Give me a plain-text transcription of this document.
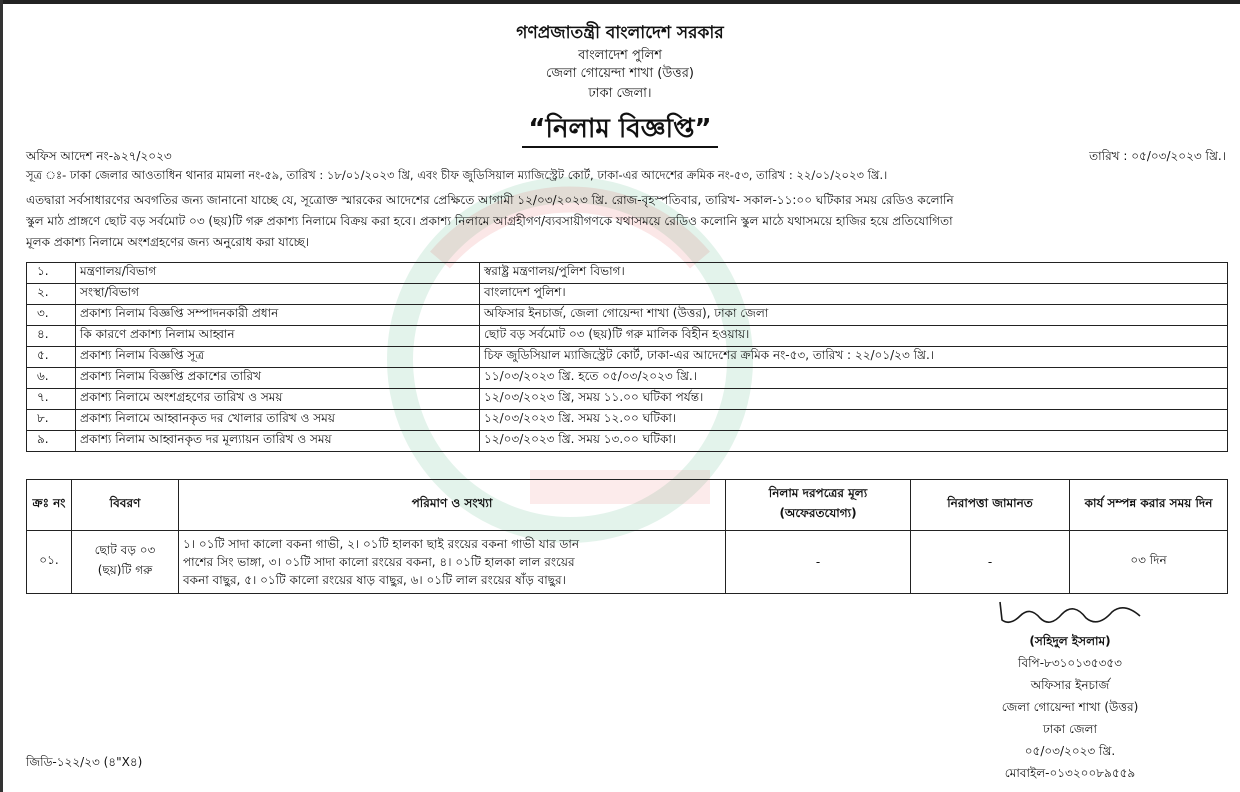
গণপ্রজাতন্ত্রী বাংলাদেশ সরকার
বাংলাদেশ পুলিশ
জেলা গোয়েন্দা শাখা (উত্তর)
ঢাকা জেলা।
“নিলাম বিজ্ঞপ্তি”
অফিস আদেশ নং-৯২৭/২০২৩	তারিখ : ০৫/০৩/২০২৩ খ্রি.।
সূত্র ঃ- ঢাকা জেলার আওতাধিন থানার মামলা নং-৫৯, তারিখ : ১৮/০১/২০২৩ খ্রি, এবং চীফ জুডিসিয়াল ম্যাজিস্ট্রেট কোর্ট, ঢাকা-এর আদেশের ক্রমিক নং-৫৩, তারিখ : ২২/০১/২০২৩ খ্রি.।

এতদ্বারা সর্বসাধারণের অবগতির জন্য জানানো যাচ্ছে যে, সূত্রোক্ত স্মারকের আদেশের প্রেক্ষিতে আগামী ১২/০৩/২০২৩ খ্রি. রোজ-বৃহস্পতিবার, তারিখ- সকাল-১১:০০ ঘটিকার সময় রেডিও কলোনি

স্কুল মাঠ প্রাঙ্গণে ছোট বড় সর্বমোট ০৩ (ছয়)টি গরু প্রকাশ্য নিলামে বিক্রয় করা হবে। প্রকাশ্য নিলামে আগ্রহীগণ/ব্যবসায়ীগণকে যথাসময়ে রেডিও কলোনি স্কুল মাঠে যথাসময়ে হাজির হয়ে প্রতিযোগিতা

মূলক প্রকাশ্য নিলামে অংশগ্রহণের জন্য অনুরোধ করা যাচ্ছে।

১.	মন্ত্রণালয়/বিভাগ	স্বরাষ্ট্র মন্ত্রণালয়/পুলিশ বিভাগ।
২.	সংস্থা/বিভাগ	বাংলাদেশ পুলিশ।
৩.	প্রকাশ্য নিলাম বিজ্ঞপ্তি সম্পাদনকারী প্রধান	অফিসার ইনচার্জ, জেলা গোয়েন্দা শাখা (উত্তর), ঢাকা জেলা
৪.	কি কারণে প্রকাশ্য নিলাম আহ্বান	ছোট বড় সর্বমোট ০৩ (ছয়)টি গরু মালিক বিহীন হওয়ায়।
৫.	প্রকাশ্য নিলাম বিজ্ঞপ্তি সূত্র	চিফ জুডিসিয়াল ম্যাজিস্ট্রেট কোর্ট, ঢাকা-এর আদেশের ক্রমিক নং-৫৩, তারিখ : ২২/০১/২৩ খ্রি.।
৬.	প্রকাশ্য নিলাম বিজ্ঞপ্তি প্রকাশের তারিখ	১১/০৩/২০২৩ খ্রি. হতে ০৫/০৩/২০২৩ খ্রি.।
৭.	প্রকাশ্য নিলামে অংশগ্রহণের তারিখ ও সময়	১২/০৩/২০২৩ খ্রি, সময় ১১.০০ ঘটিকা পর্যন্ত।
৮.	প্রকাশ্য নিলামে আহ্বানকৃত দর খোলার তারিখ ও সময়	১২/০৩/২০২৩ খ্রি. সময় ১২.০০ ঘটিকা।
৯.	প্রকাশ্য নিলাম আহ্বানকৃত দর মূল্যায়ন তারিখ ও সময়	১২/০৩/২০২৩ খ্রি. সময় ১৩.০০ ঘটিকা।
ক্রঃ নং	বিবরণ	পরিমাণ ও সংখ্যা	নিলাম দরপত্রের মূল্য (অফেরতযোগ্য)	নিরাপত্তা জামানত	কার্য সম্পন্ন করার সময় দিন
০১.	ছোট বড় ০৩ (ছয়)টি গরু	১। ০১টি সাদা কালো বকনা গাভী, ২। ০১টি হালকা ছাই রংয়ের বকনা গাভী যার ডান

পাশের সিং ভাঙ্গা, ৩। ০১টি সাদা কালো রংয়ের বকনা, ৪। ০১টি হালকা লাল রংয়ের

বকনা বাছুর, ৫। ০১টি কালো রংয়ের ষাড় বাছুর, ৬। ০১টি লাল রংয়ের ষাঁড় বাছুর।	-	-	০৩ দিন
(সহিদুল ইসলাম)
বিপি-৮৩১০১৩৫৩৫৩
অফিসার ইনচার্জ
জেলা গোয়েন্দা শাখা (উত্তর)
ঢাকা জেলা
০৫/০৩/২০২৩ খ্রি.
মোবাইল-০১৩২০০৮৯৫৫৯
জিডি-১২২/২৩ (৪"X৪)
